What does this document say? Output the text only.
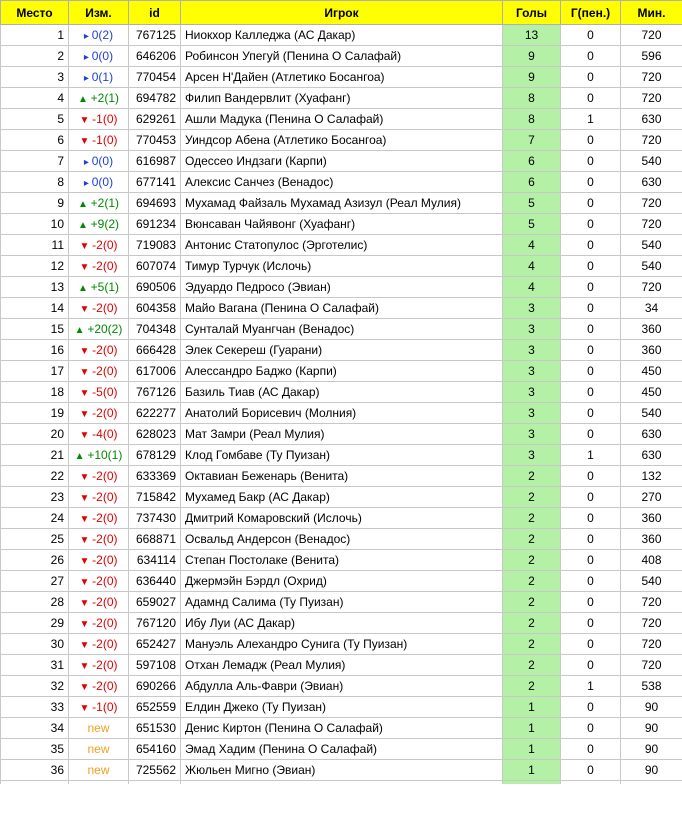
Место	Изм.	id	Игрок	Голы	Г(пен.)	Мин.
1	▸ 0(2)	767125	Ниокхор Калледжа (АС Дакар)	13	0	720
2	▸ 0(0)	646206	Робинсон Упегуй (Пенина О Салафай)	9	0	596
3	▸ 0(1)	770454	Арсен Н'Дайен (Атлетико Босангоа)	9	0	720
4	▲ +2(1)	694782	Филип Вандервлит (Хуафанг)	8	0	720
5	▼ -1(0)	629261	Ашли Мадука (Пенина О Салафай)	8	1	630
6	▼ -1(0)	770453	Уиндсор Абена (Атлетико Босангоа)	7	0	720
7	▸ 0(0)	616987	Одессео Индзаги (Карпи)	6	0	540
8	▸ 0(0)	677141	Алексис Санчез (Венадос)	6	0	630
9	▲ +2(1)	694693	Мухамад Файзаль Мухамад Азизул (Реал Мулия)	5	0	720
10	▲ +9(2)	691234	Вюнсаван Чайявонг (Хуафанг)	5	0	720
11	▼ -2(0)	719083	Антонис Статопулос (Эрготелис)	4	0	540
12	▼ -2(0)	607074	Тимур Турчук (Ислочь)	4	0	540
13	▲ +5(1)	690506	Эдуардо Педросо (Эвиан)	4	0	720
14	▼ -2(0)	604358	Майо Вагана (Пенина О Салафай)	3	0	34
15	▲ +20(2)	704348	Сунталай Муангчан (Венадос)	3	0	360
16	▼ -2(0)	666428	Элек Секереш (Гуарани)	3	0	360
17	▼ -2(0)	617006	Алессандро Баджо (Карпи)	3	0	450
18	▼ -5(0)	767126	Базиль Тиав (АС Дакар)	3	0	450
19	▼ -2(0)	622277	Анатолий Борисевич (Молния)	3	0	540
20	▼ -4(0)	628023	Мат Замри (Реал Мулия)	3	0	630
21	▲ +10(1)	678129	Клод Гомбаве (Ту Пуизан)	3	1	630
22	▼ -2(0)	633369	Октавиан Беженарь (Венита)	2	0	132
23	▼ -2(0)	715842	Мухамед Бакр (АС Дакар)	2	0	270
24	▼ -2(0)	737430	Дмитрий Комаровский (Ислочь)	2	0	360
25	▼ -2(0)	668871	Освальд Андерсон (Венадос)	2	0	360
26	▼ -2(0)	634114	Степан Постолаке (Венита)	2	0	408
27	▼ -2(0)	636440	Джермэйн Бэрдл (Охрид)	2	0	540
28	▼ -2(0)	659027	Адамнд Салима (Ту Пуизан)	2	0	720
29	▼ -2(0)	767120	Ибу Луи (АС Дакар)	2	0	720
30	▼ -2(0)	652427	Мануэль Алехандро Сунига (Ту Пуизан)	2	0	720
31	▼ -2(0)	597108	Отхан Лемадж (Реал Мулия)	2	0	720
32	▼ -2(0)	690266	Абдулла Аль-Фаври (Эвиан)	2	1	538
33	▼ -1(0)	652559	Елдин Джеко (Ту Пуизан)	1	0	90
34	new	651530	Денис Киртон (Пенина О Салафай)	1	0	90
35	new	654160	Эмад Хадим (Пенина О Салафай)	1	0	90
36	new	725562	Жюльен Мигно (Эвиан)	1	0	90
